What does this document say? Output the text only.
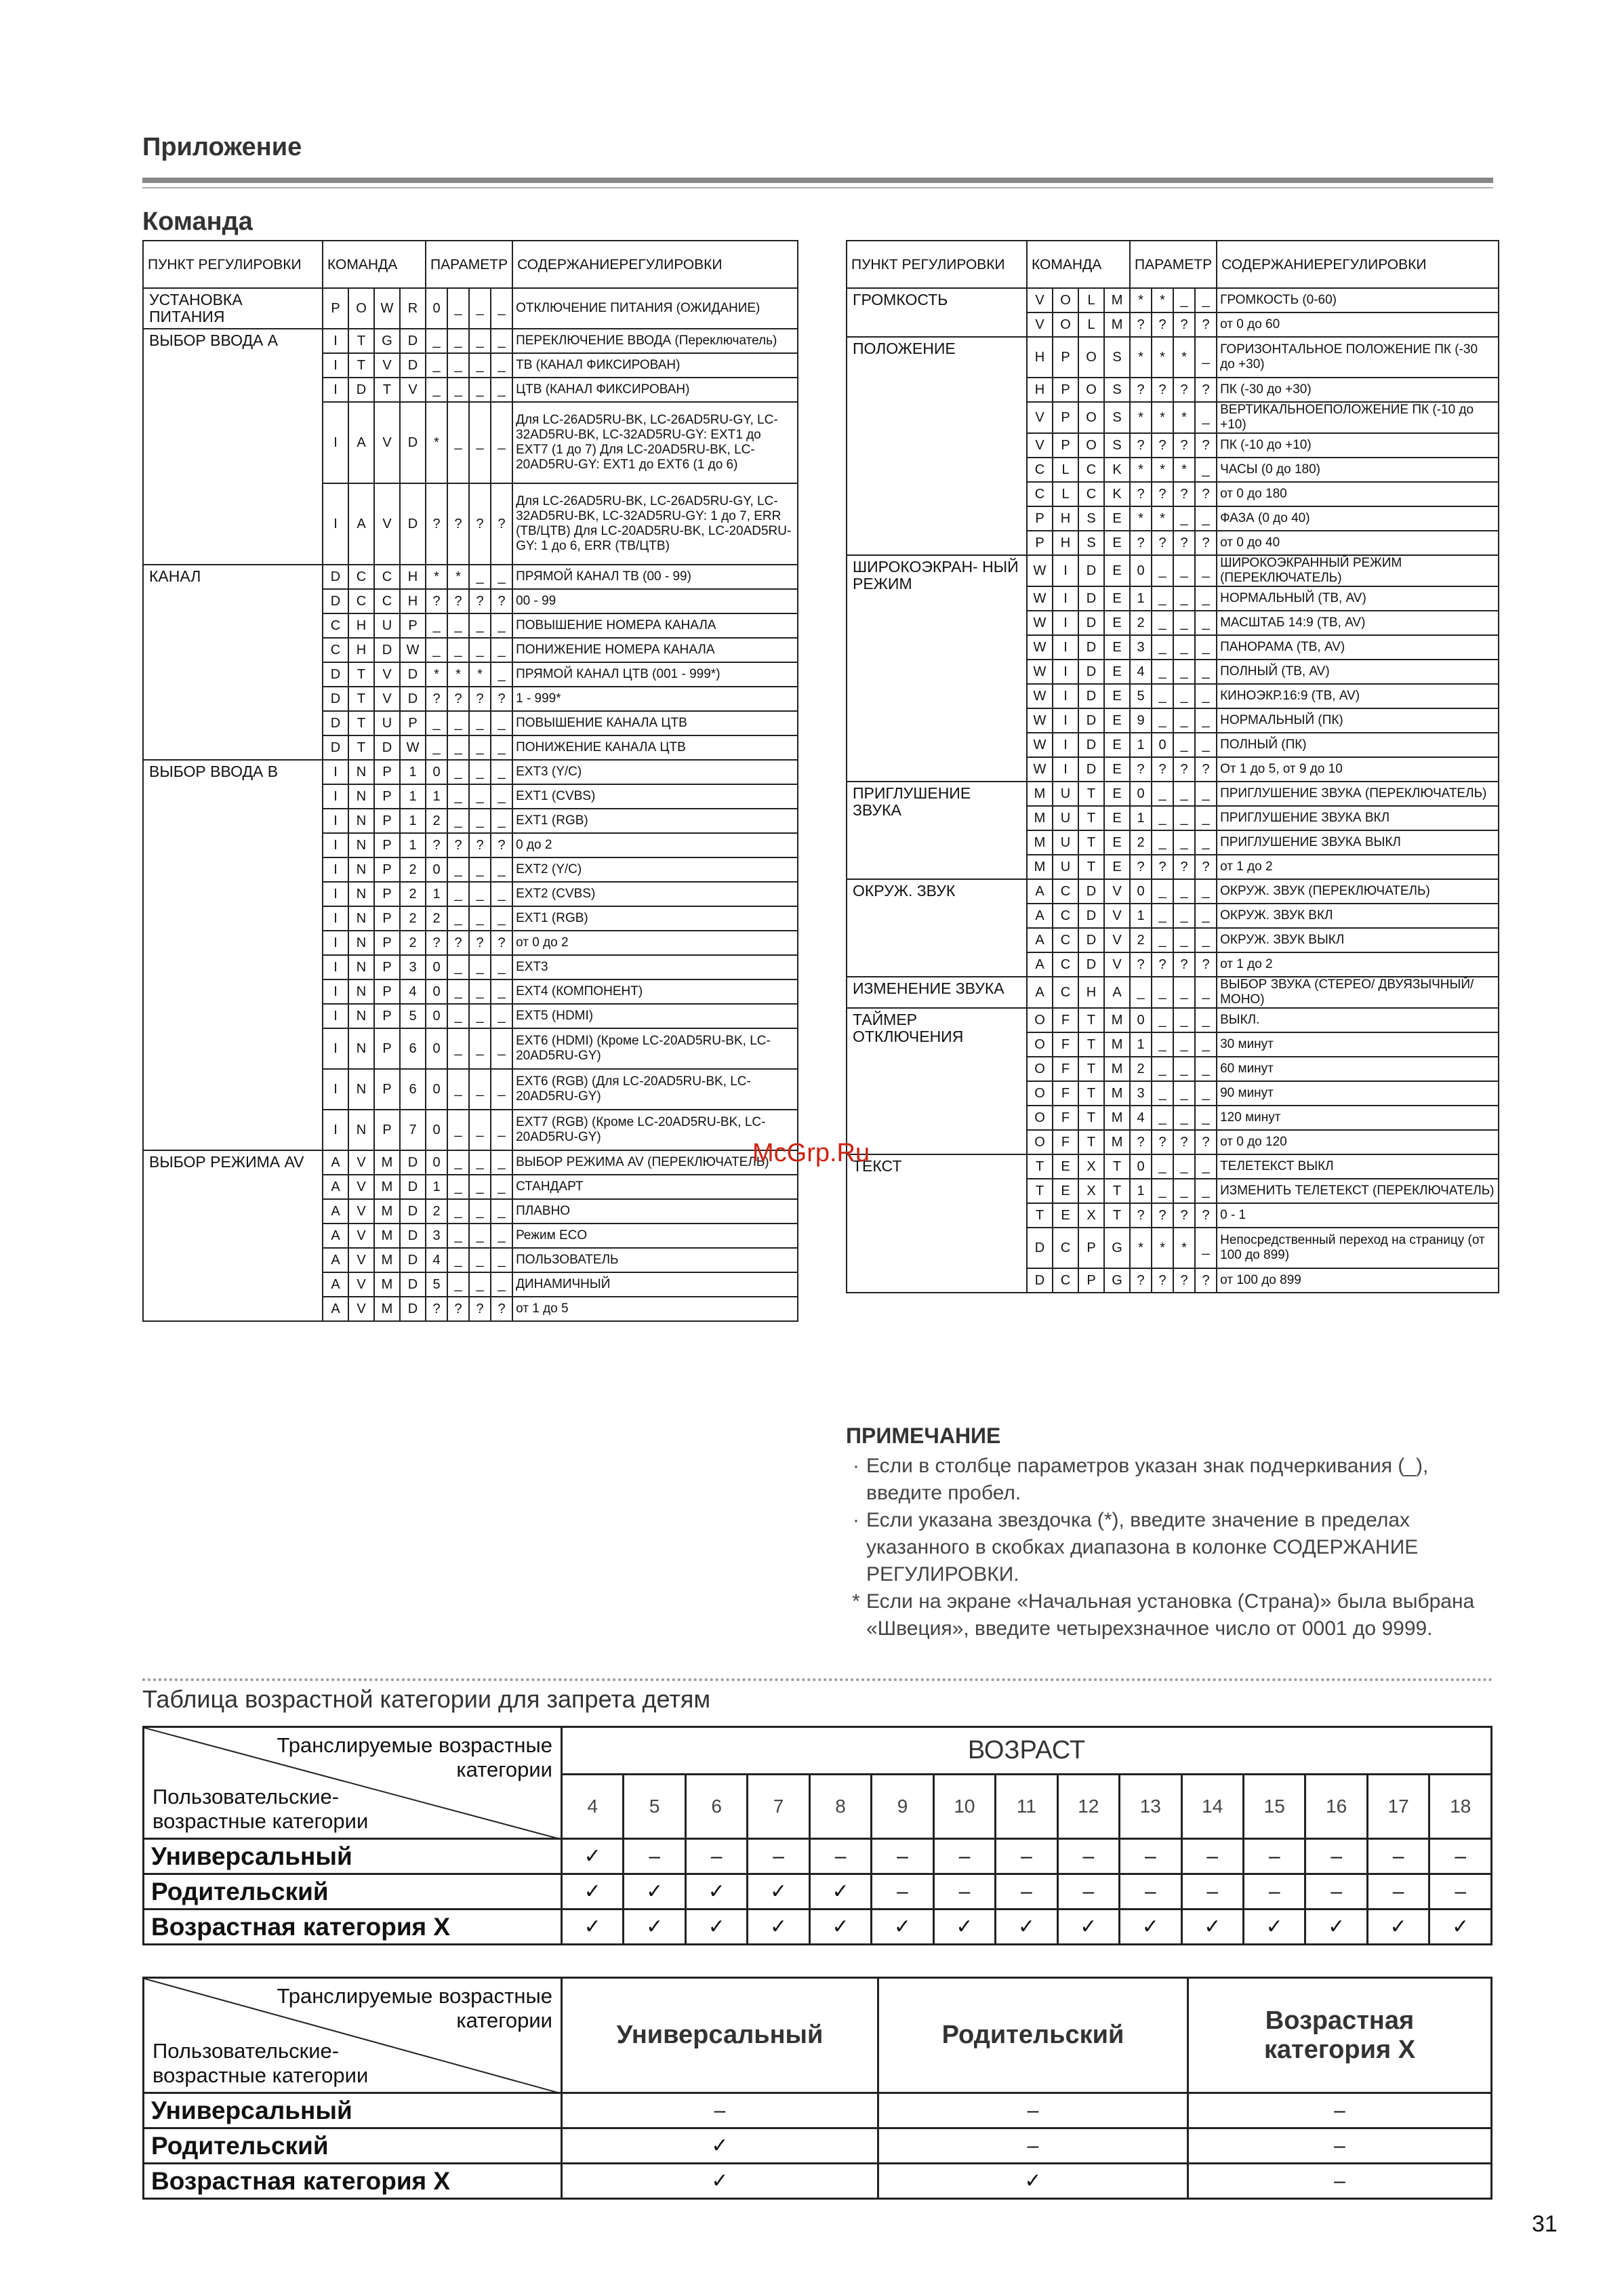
Приложение
Команда
ПУНКТ РЕГУЛИРОВКИ	КОМАНДА				ПАРАМЕТР				СОДЕРЖАНИЕРЕГУЛИРОВКИ
УСТАНОВКА ПИТАНИЯ	P	O	W	R	0	_	_	_	ОТКЛЮЧЕНИЕ ПИТАНИЯ (ОЖИДАНИЕ)
ВЫБОР ВВОДА А	I	T	G	D	_	_	_	_	ПЕРЕКЛЮЧЕНИЕ ВВОДА (Переключатель)
	I	T	V	D	_	_	_	_	ТВ (КАНАЛ ФИКСИРОВАН)
	I	D	T	V	_	_	_	_	ЦТВ (КАНАЛ ФИКСИРОВАН)
	I	A	V	D	*	_	_	_	Для LC-26AD5RU-BK, LC-26AD5RU-GY, LC-32AD5RU-BK, LC-32AD5RU-GY: EXT1 до EXT7 (1 до 7) Для LC-20AD5RU-BK, LC-20AD5RU-GY: EXT1 до EXT6 (1 до 6)
	I	A	V	D	?	?	?	?	Для LC-26AD5RU-BK, LC-26AD5RU-GY, LC-32AD5RU-BK, LC-32AD5RU-GY: 1 до 7, ERR (ТВ/ЦТВ) Для LC-20AD5RU-BK, LC-20AD5RU-GY: 1 до 6, ERR (ТВ/ЦТВ)
КАНАЛ	D	C	C	H	*	*	_	_	ПРЯМОЙ КАНАЛ ТВ (00 - 99)
	D	C	C	H	?	?	?	?	00 - 99
	C	H	U	P	_	_	_	_	ПОВЫШЕНИЕ НОМЕРА КАНАЛА
	C	H	D	W	_	_	_	_	ПОНИЖЕНИЕ НОМЕРА КАНАЛА
	D	T	V	D	*	*	*	_	ПРЯМОЙ КАНАЛ ЦТВ (001 - 999*)
	D	T	V	D	?	?	?	?	1 - 999*
	D	T	U	P	_	_	_	_	ПОВЫШЕНИЕ КАНАЛА ЦТВ
	D	T	D	W	_	_	_	_	ПОНИЖЕНИЕ КАНАЛА ЦТВ
ВЫБОР ВВОДА В	I	N	P	1	0	_	_	_	EXT3 (Y/C)
	I	N	P	1	1	_	_	_	EXT1 (CVBS)
	I	N	P	1	2	_	_	_	EXT1 (RGB)
	I	N	P	1	?	?	?	?	0 до 2
	I	N	P	2	0	_	_	_	EXT2 (Y/C)
	I	N	P	2	1	_	_	_	EXT2 (CVBS)
	I	N	P	2	2	_	_	_	EXT1 (RGB)
	I	N	P	2	?	?	?	?	от 0 до 2
	I	N	P	3	0	_	_	_	EXT3
	I	N	P	4	0	_	_	_	EXT4 (КОМПОНЕНТ)
	I	N	P	5	0	_	_	_	EXT5 (HDMI)
	I	N	P	6	0	_	_	_	EXT6 (HDMI) (Кроме LC-20AD5RU-BK, LC-20AD5RU-GY)
	I	N	P	6	0	_	_	_	EXT6 (RGB) (Для LC-20AD5RU-BK, LC-20AD5RU-GY)
	I	N	P	7	0	_	_	_	EXT7 (RGB) (Кроме LC-20AD5RU-BK, LC-20AD5RU-GY)
ВЫБОР РЕЖИМА AV	A	V	M	D	0	_	_	_	ВЫБОР РЕЖИМА AV (ПЕРЕКЛЮЧАТЕЛЬ)
	A	V	M	D	1	_	_	_	СТАНДАРТ
	A	V	M	D	2	_	_	_	ПЛАВНО
	A	V	M	D	3	_	_	_	Режим ECO
	A	V	M	D	4	_	_	_	ПОЛЬЗОВАТЕЛЬ
	A	V	M	D	5	_	_	_	ДИНАМИЧНЫЙ
	A	V	M	D	?	?	?	?	от 1 до 5
ПУНКТ РЕГУЛИРОВКИ	КОМАНДА				ПАРАМЕТР				СОДЕРЖАНИЕРЕГУЛИРОВКИ
ГРОМКОСТЬ	V	O	L	M	*	*	_	_	ГРОМКОСТЬ (0-60)
	V	O	L	M	?	?	?	?	от 0 до 60
ПОЛОЖЕНИЕ	H	P	O	S	*	*	*	_	ГОРИЗОНТАЛЬНОЕ ПОЛОЖЕНИЕ ПК (-30 до +30)
	H	P	O	S	?	?	?	?	ПК (-30 до +30)
	V	P	O	S	*	*	*	_	ВЕРТИКАЛЬНОЕПОЛОЖЕНИЕ ПК (-10 до +10)
	V	P	O	S	?	?	?	?	ПК (-10 до +10)
	C	L	C	K	*	*	*	_	ЧАСЫ (0 до 180)
	C	L	C	K	?	?	?	?	от 0 до 180
	P	H	S	E	*	*	_	_	ФАЗА (0 до 40)
	P	H	S	E	?	?	?	?	от 0 до 40
ШИРОКОЭКРАН- НЫЙ РЕЖИМ	W	I	D	E	0	_	_	_	ШИРОКОЭКРАННЫЙ РЕЖИМ (ПЕРЕКЛЮЧАТЕЛЬ)
	W	I	D	E	1	_	_	_	НОРМАЛЬНЫЙ (ТВ, AV)
	W	I	D	E	2	_	_	_	МАСШТАБ 14:9 (ТВ, AV)
	W	I	D	E	3	_	_	_	ПАНОРАМА (ТВ, AV)
	W	I	D	E	4	_	_	_	ПОЛНЫЙ (ТВ, AV)
	W	I	D	E	5	_	_	_	КИНОЭКР.16:9 (ТВ, AV)
	W	I	D	E	9	_	_	_	НОРМАЛЬНЫЙ (ПК)
	W	I	D	E	1	0	_	_	ПОЛНЫЙ (ПК)
	W	I	D	E	?	?	?	?	От 1 до 5, от 9 до 10
ПРИГЛУШЕНИЕ ЗВУКА	M	U	T	E	0	_	_	_	ПРИГЛУШЕНИЕ ЗВУКА (ПЕРЕКЛЮЧАТЕЛЬ)
	M	U	T	E	1	_	_	_	ПРИГЛУШЕНИЕ ЗВУКА ВКЛ
	M	U	T	E	2	_	_	_	ПРИГЛУШЕНИЕ ЗВУКА ВЫКЛ
	M	U	T	E	?	?	?	?	от 1 до 2
ОКРУЖ. ЗВУК	A	C	D	V	0	_	_	_	ОКРУЖ. ЗВУК (ПЕРЕКЛЮЧАТЕЛЬ)
	A	C	D	V	1	_	_	_	ОКРУЖ. ЗВУК ВКЛ
	A	C	D	V	2	_	_	_	ОКРУЖ. ЗВУК ВЫКЛ
	A	C	D	V	?	?	?	?	от 1 до 2
ИЗМЕНЕНИЕ ЗВУКА	A	C	H	A	_	_	_	_	ВЫБОР ЗВУКА (СТЕРЕО/ ДВУЯЗЫЧНЫЙ/МОНО)
ТАЙМЕР ОТКЛЮЧЕНИЯ	O	F	T	M	0	_	_	_	ВЫКЛ.
	O	F	T	M	1	_	_	_	30 минут
	O	F	T	M	2	_	_	_	60 минут
	O	F	T	M	3	_	_	_	90 минут
	O	F	T	M	4	_	_	_	120 минут
	O	F	T	M	?	?	?	?	от 0 до 120
ТЕКСТ	T	E	X	T	0	_	_	_	ТЕЛЕТЕКСТ ВЫКЛ
	T	E	X	T	1	_	_	_	ИЗМЕНИТЬ ТЕЛЕТЕКСТ (ПЕРЕКЛЮЧАТЕЛЬ)
	T	E	X	T	?	?	?	?	0 - 1
	D	C	P	G	*	*	*	_	Непосредственный переход на страницу (от 100 до 899)
	D	C	P	G	?	?	?	?	от 100 до 899
McGrp.Ru
ПРИМЕЧАНИЕ
· Если в столбце параметров указан знак подчеркивания (_), введите пробел.
· Если указана звездочка (*), введите значение в пределах указанного в скобках диапазона в колонке СОДЕРЖАНИЕ РЕГУЛИРОВКИ.
* Если на экране «Начальная установка (Страна)» была выбрана «Швеция», введите четырехзначное число от 0001 до 9999.
Таблица возрастной категории для запрета детям
Транслируемые возрастные категории
Пользовательские- возрастные категории	ВОЗРАСТ														
	4	5	6	7	8	9	10	11	12	13	14	15	16	17	18
Универсальный	✓	–	–	–	–	–	–	–	–	–	–	–	–	–	–
Родительский	✓	✓	✓	✓	✓	–	–	–	–	–	–	–	–	–	–
Возрастная категория X	✓	✓	✓	✓	✓	✓	✓	✓	✓	✓	✓	✓	✓	✓	✓
Транслируемые возрастные категории
Пользовательские- возрастные категории	Универсальный	Родительский	Возрастная категория X
Универсальный	–	–	–
Родительский	✓	–	–
Возрастная категория X	✓	✓	–
31
